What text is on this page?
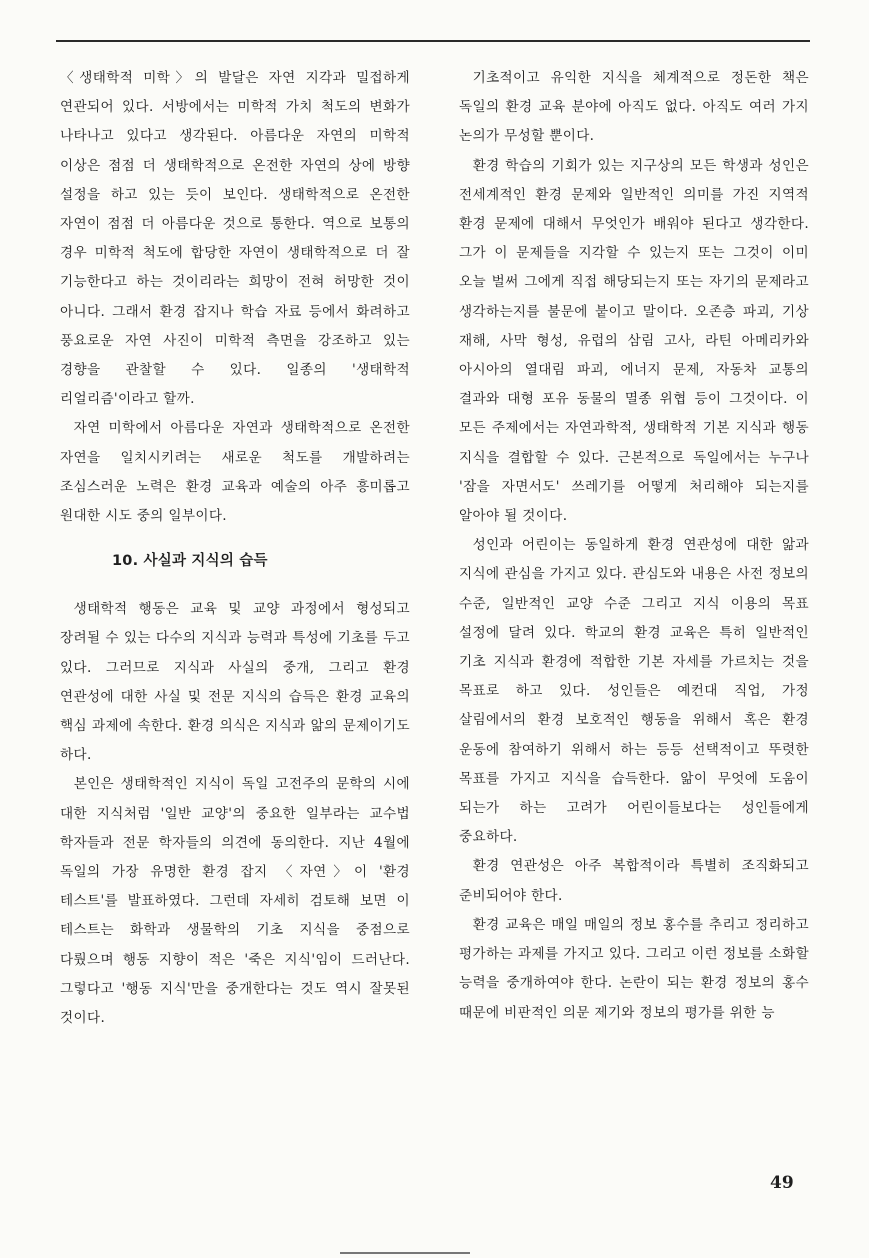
〈생태학적 미학〉의 발달은 자연 지각과 밀접하게 연관되어 있다. 서방에서는 미학적 가치 척도의 변화가 나타나고 있다고 생각된다. 아름다운 자연의 미학적 이상은 점점 더 생태학적으로 온전한 자연의 상에 방향 설정을 하고 있는 듯이 보인다. 생태학적으로 온전한 자연이 점점 더 아름다운 것으로 통한다. 역으로 보통의 경우 미학적 척도에 합당한 자연이 생태학적으로 더 잘 기능한다고 하는 것이리라는 희망이 전혀 허망한 것이 아니다. 그래서 환경 잡지나 학습 자료 등에서 화려하고 풍요로운 자연 사진이 미학적 측면을 강조하고 있는 경향을 관찰할 수 있다. 일종의 '생태학적 리얼리즘'이라고 할까.

자연 미학에서 아름다운 자연과 생태학적으로 온전한 자연을 일치시키려는 새로운 척도를 개발하려는 조심스러운 노력은 환경 교육과 예술의 아주 흥미롭고 원대한 시도 중의 일부이다.

10. 사실과 지식의 습득

생태학적 행동은 교육 및 교양 과정에서 형성되고 장려될 수 있는 다수의 지식과 능력과 특성에 기초를 두고 있다. 그러므로 지식과 사실의 중개, 그리고 환경 연관성에 대한 사실 및 전문 지식의 습득은 환경 교육의 핵심 과제에 속한다. 환경 의식은 지식과 앎의 문제이기도 하다.

본인은 생태학적인 지식이 독일 고전주의 문학의 시에 대한 지식처럼 '일반 교양'의 중요한 일부라는 교수법 학자들과 전문 학자들의 의견에 동의한다. 지난 4월에 독일의 가장 유명한 환경 잡지 〈자연〉이 '환경 테스트'를 발표하였다. 그런데 자세히 검토해 보면 이 테스트는 화학과 생물학의 기초 지식을 중점으로 다뤘으며 행동 지향이 적은 '죽은 지식'임이 드러난다. 그렇다고 '행동 지식'만을 중개한다는 것도 역시 잘못된 것이다.

기초적이고 유익한 지식을 체계적으로 정돈한 책은 독일의 환경 교육 분야에 아직도 없다. 아직도 여러 가지 논의가 무성할 뿐이다.

환경 학습의 기회가 있는 지구상의 모든 학생과 성인은 전세계적인 환경 문제와 일반적인 의미를 가진 지역적 환경 문제에 대해서 무엇인가 배워야 된다고 생각한다. 그가 이 문제들을 지각할 수 있는지 또는 그것이 이미 오늘 벌써 그에게 직접 해당되는지 또는 자기의 문제라고 생각하는지를 불문에 붙이고 말이다. 오존층 파괴, 기상 재해, 사막 형성, 유럽의 삼림 고사, 라틴 아메리카와 아시아의 열대림 파괴, 에너지 문제, 자동차 교통의 결과와 대형 포유 동물의 멸종 위협 등이 그것이다. 이 모든 주제에서는 자연과학적, 생태학적 기본 지식과 행동 지식을 결합할 수 있다. 근본적으로 독일에서는 누구나 '잠을 자면서도' 쓰레기를 어떻게 처리해야 되는지를 알아야 될 것이다.

성인과 어린이는 동일하게 환경 연관성에 대한 앎과 지식에 관심을 가지고 있다. 관심도와 내용은 사전 정보의 수준, 일반적인 교양 수준 그리고 지식 이용의 목표 설정에 달려 있다. 학교의 환경 교육은 특히 일반적인 기초 지식과 환경에 적합한 기본 자세를 가르치는 것을 목표로 하고 있다. 성인들은 예컨대 직업, 가정 살림에서의 환경 보호적인 행동을 위해서 혹은 환경 운동에 참여하기 위해서 하는 등등 선택적이고 뚜렷한 목표를 가지고 지식을 습득한다. 앎이 무엇에 도움이 되는가 하는 고려가 어린이들보다는 성인들에게 중요하다.

환경 연관성은 아주 복합적이라 특별히 조직화되고 준비되어야 한다.

환경 교육은 매일 매일의 정보 홍수를 추리고 정리하고 평가하는 과제를 가지고 있다. 그리고 이런 정보를 소화할 능력을 중개하여야 한다. 논란이 되는 환경 정보의 홍수 때문에 비판적인 의문 제기와 정보의 평가를 위한 능

49
